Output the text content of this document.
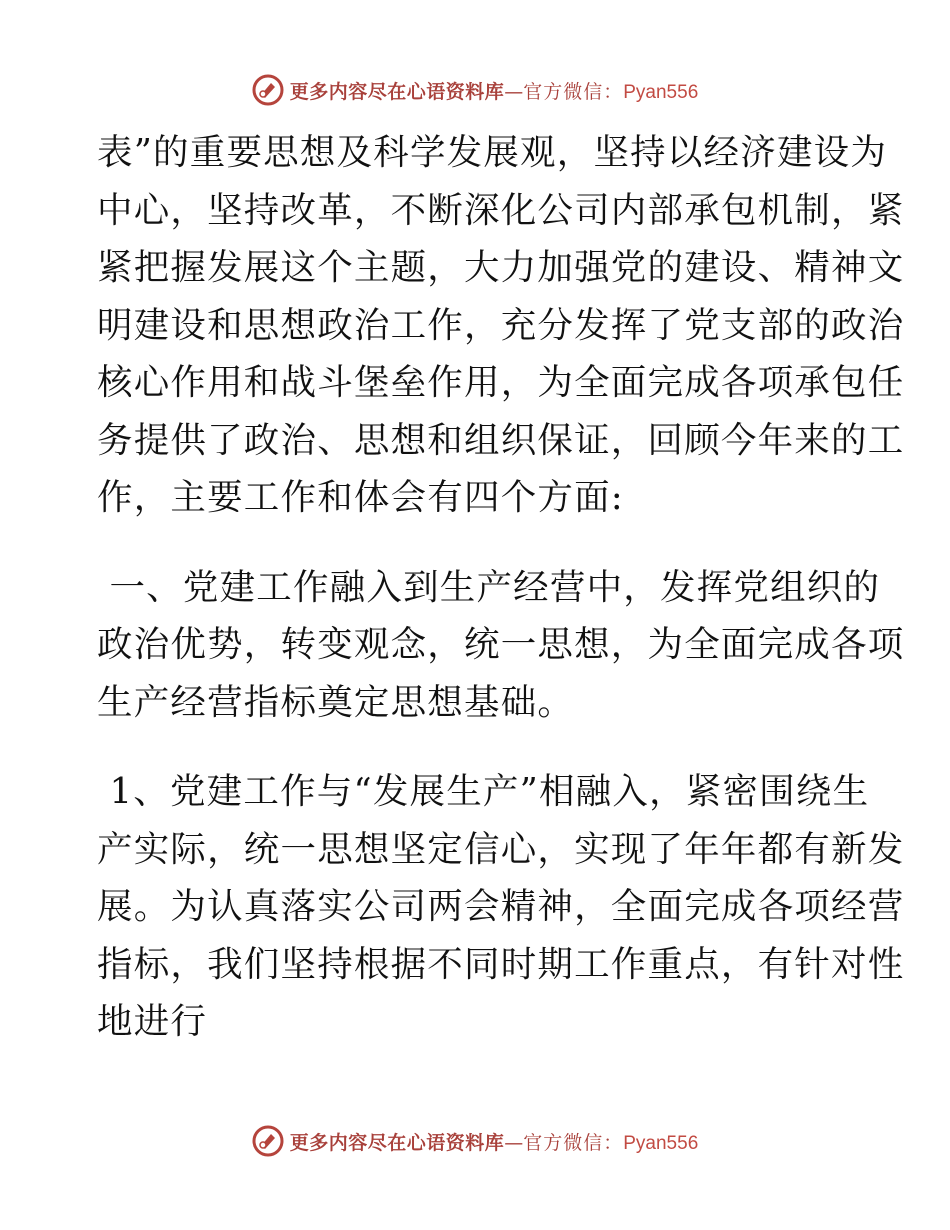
更多内容尽在心语资料库—官方微信：Pyan556
表”的重要思想及科学发展观，坚持以经济建设为
中心，坚持改革，不断深化公司内部承包机制，紧
紧把握发展这个主题，大力加强党的建设、精神文
明建设和思想政治工作，充分发挥了党支部的政治
核心作用和战斗堡垒作用，为全面完成各项承包任
务提供了政治、思想和组织保证，回顾今年来的工
作，主要工作和体会有四个方面:
一、党建工作融入到生产经营中，发挥党组织的
政治优势，转变观念，统一思想，为全面完成各项
生产经营指标奠定思想基础。
1、党建工作与“发展生产”相融入，紧密围绕生
产实际，统一思想坚定信心，实现了年年都有新发
展。为认真落实公司两会精神，全面完成各项经营
指标，我们坚持根据不同时期工作重点，有针对性
地进行
更多内容尽在心语资料库—官方微信：Pyan556
